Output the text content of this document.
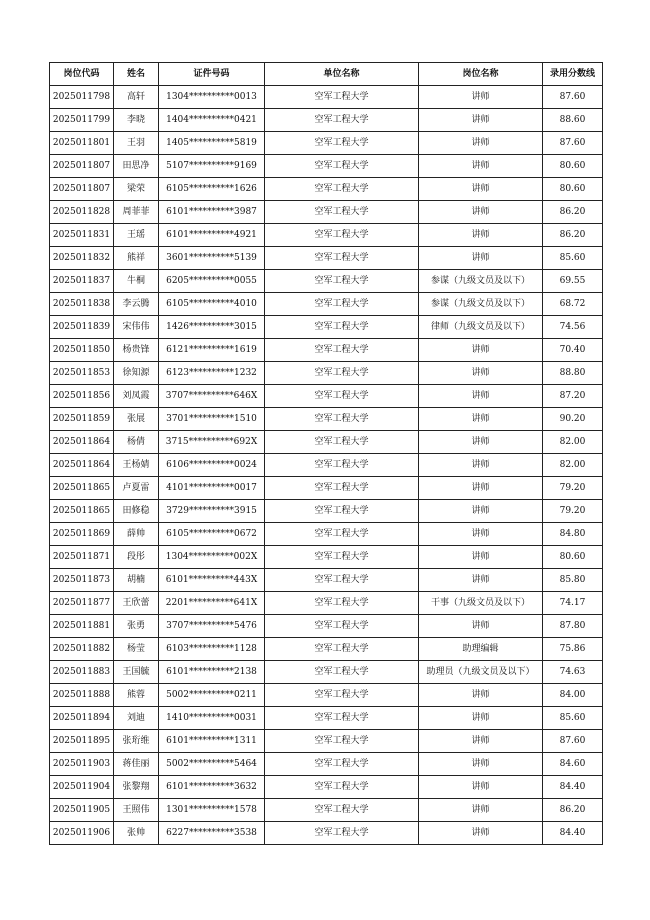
岗位代码	姓名	证件号码	单位名称	岗位名称	录用分数线
2025011798	高轩	1304**********0013	空军工程大学	讲师	87.60
2025011799	李晓	1404**********0421	空军工程大学	讲师	88.60
2025011801	王羽	1405**********5819	空军工程大学	讲师	87.60
2025011807	田思净	5107**********9169	空军工程大学	讲师	80.60
2025011807	梁荣	6105**********1626	空军工程大学	讲师	80.60
2025011828	周菲菲	6101**********3987	空军工程大学	讲师	86.20
2025011831	王瑶	6101**********4921	空军工程大学	讲师	86.20
2025011832	熊祥	3601**********5139	空军工程大学	讲师	85.60
2025011837	牛桐	6205**********0055	空军工程大学	参谋（九级文员及以下）	69.55
2025011838	李云腾	6105**********4010	空军工程大学	参谋（九级文员及以下）	68.72
2025011839	宋伟伟	1426**********3015	空军工程大学	律师（九级文员及以下）	74.56
2025011850	杨贵锋	6121**********1619	空军工程大学	讲师	70.40
2025011853	徐知源	6123**********1232	空军工程大学	讲师	88.80
2025011856	刘凤霞	3707**********646X	空军工程大学	讲师	87.20
2025011859	张展	3701**********1510	空军工程大学	讲师	90.20
2025011864	杨倩	3715**********692X	空军工程大学	讲师	82.00
2025011864	王杨婧	6106**********0024	空军工程大学	讲师	82.00
2025011865	卢夏雷	4101**********0017	空军工程大学	讲师	79.20
2025011865	田修稳	3729**********3915	空军工程大学	讲师	79.20
2025011869	薛帅	6105**********0672	空军工程大学	讲师	84.80
2025011871	段彤	1304**********002X	空军工程大学	讲师	80.60
2025011873	胡楠	6101**********443X	空军工程大学	讲师	85.80
2025011877	王欣蕾	2201**********641X	空军工程大学	干事（九级文员及以下）	74.17
2025011881	张勇	3707**********5476	空军工程大学	讲师	87.80
2025011882	杨莹	6103**********1128	空军工程大学	助理编辑	75.86
2025011883	王国毓	6101**********2138	空军工程大学	助理员（九级文员及以下）	74.63
2025011888	熊蓉	5002**********0211	空军工程大学	讲师	84.00
2025011894	刘迪	1410**********0031	空军工程大学	讲师	85.60
2025011895	张珩维	6101**********1311	空军工程大学	讲师	87.60
2025011903	蒋佳丽	5002**********5464	空军工程大学	讲师	84.60
2025011904	张黎翔	6101**********3632	空军工程大学	讲师	84.40
2025011905	王照伟	1301**********1578	空军工程大学	讲师	86.20
2025011906	张帅	6227**********3538	空军工程大学	讲师	84.40
